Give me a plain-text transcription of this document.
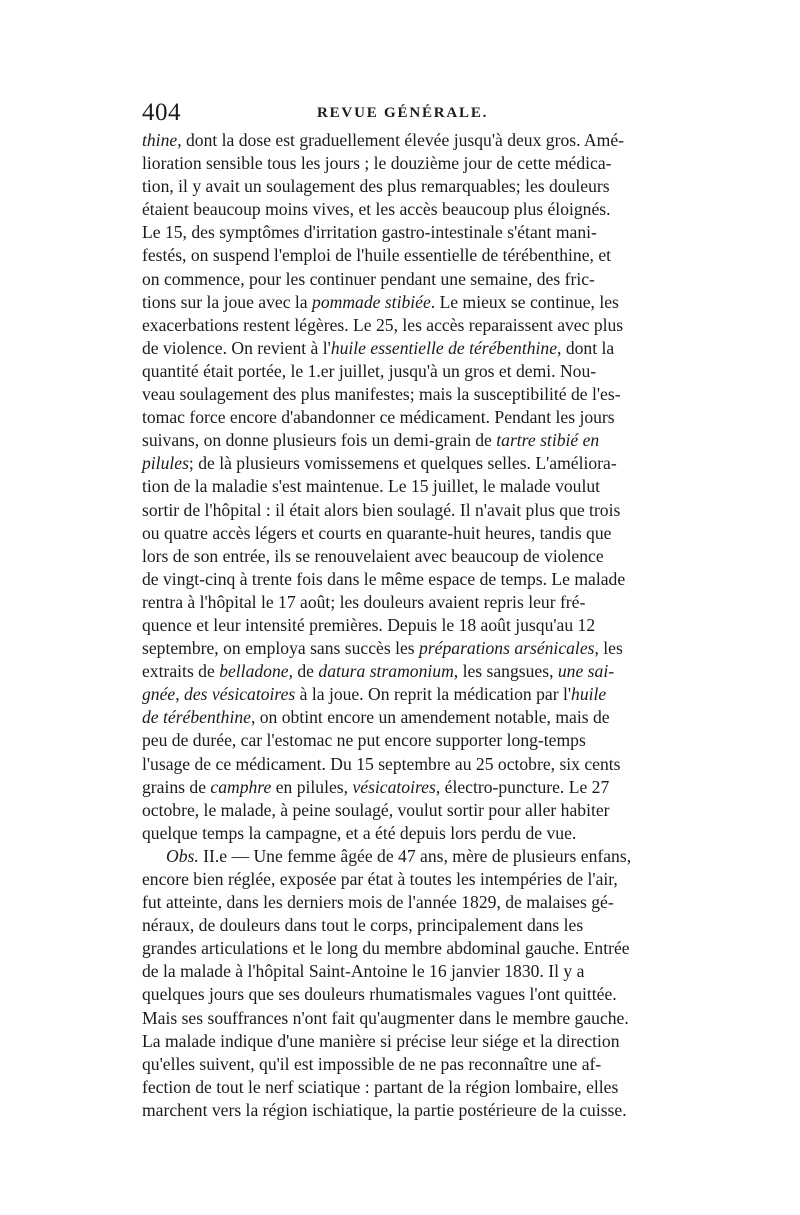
404	REVUE GÉNÉRALE.
thine, dont la dose est graduellement élevée jusqu'à deux gros. Amé-
lioration sensible tous les jours ; le douzième jour de cette médica-
tion, il y avait un soulagement des plus remarquables; les douleurs
étaient beaucoup moins vives, et les accès beaucoup plus éloignés.
Le 15, des symptômes d'irritation gastro-intestinale s'étant mani-
festés, on suspend l'emploi de l'huile essentielle de térébenthine, et
on commence, pour les continuer pendant une semaine, des fric-
tions sur la joue avec la pommade stibiée. Le mieux se continue, les
exacerbations restent légères. Le 25, les accès reparaissent avec plus
de violence. On revient à l'huile essentielle de térébenthine, dont la
quantité était portée, le 1.er juillet, jusqu'à un gros et demi. Nou-
veau soulagement des plus manifestes; mais la susceptibilité de l'es-
tomac force encore d'abandonner ce médicament. Pendant les jours
suivans, on donne plusieurs fois un demi-grain de tartre stibié en
pilules; de là plusieurs vomissemens et quelques selles. L'améliora-
tion de la maladie s'est maintenue. Le 15 juillet, le malade voulut
sortir de l'hôpital : il était alors bien soulagé. Il n'avait plus que trois
ou quatre accès légers et courts en quarante-huit heures, tandis que
lors de son entrée, ils se renouvelaient avec beaucoup de violence
de vingt-cinq à trente fois dans le même espace de temps. Le malade
rentra à l'hôpital le 17 août; les douleurs avaient repris leur fré-
quence et leur intensité premières. Depuis le 18 août jusqu'au 12
septembre, on employa sans succès les préparations arsénicales, les
extraits de belladone, de datura stramonium, les sangsues, une sai-
gnée, des vésicatoires à la joue. On reprit la médication par l'huile
de térébenthine, on obtint encore un amendement notable, mais de
peu de durée, car l'estomac ne put encore supporter long-temps
l'usage de ce médicament. Du 15 septembre au 25 octobre, six cents
grains de camphre en pilules, vésicatoires, électro-puncture. Le 27
octobre, le malade, à peine soulagé, voulut sortir pour aller habiter
quelque temps la campagne, et a été depuis lors perdu de vue.
Obs. II.e — Une femme âgée de 47 ans, mère de plusieurs enfans,
encore bien réglée, exposée par état à toutes les intempéries de l'air,
fut atteinte, dans les derniers mois de l'année 1829, de malaises gé-
néraux, de douleurs dans tout le corps, principalement dans les
grandes articulations et le long du membre abdominal gauche. Entrée
de la malade à l'hôpital Saint-Antoine le 16 janvier 1830. Il y a
quelques jours que ses douleurs rhumatismales vagues l'ont quittée.
Mais ses souffrances n'ont fait qu'augmenter dans le membre gauche.
La malade indique d'une manière si précise leur siége et la direction
qu'elles suivent, qu'il est impossible de ne pas reconnaître une af-
fection de tout le nerf sciatique : partant de la région lombaire, elles
marchent vers la région ischiatique, la partie postérieure de la cuisse.
